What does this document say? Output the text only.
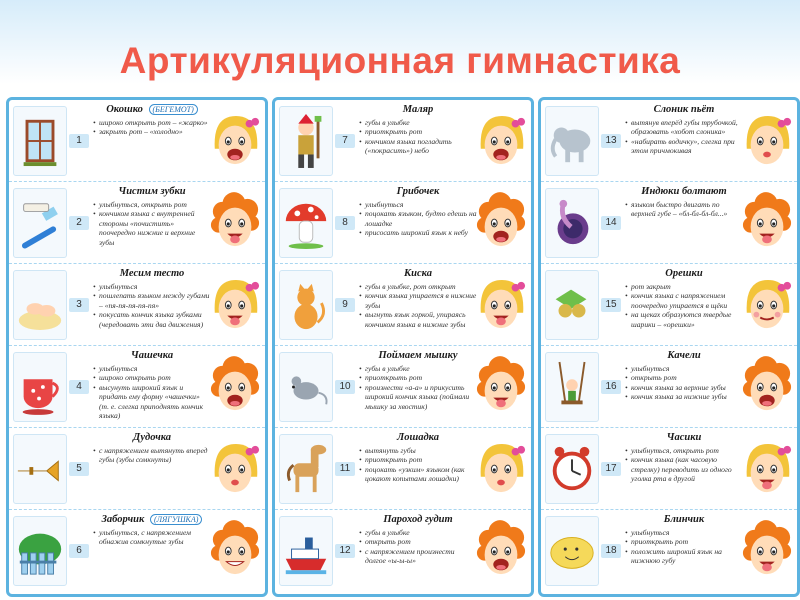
Артикуляционная гимнастика
1
Окошко (БЕГЕМОТ)
• широко открыть рот – «жарко»
• закрыть рот – «холодно»
2
Чистим зубки
• улыбнуться, открыть рот
• кончиком языка с внутренней стороны «почистить» поочередно нижние и верхние зубы
3
Месим тесто
• улыбнуться
• пошлепать языком между губами – «пя-пя-пя-пя-пя»
• покусать кончик языка зубками (чередовать эти два движения)
4
Чашечка
• улыбнуться
• широко открыть рот
• высунуть широкий язык и придать ему форму «чашечки» (т. е. слегка приподнять кончик языка)
5
Дудочка
• с напряжением вытянуть вперед губы (зубы сомкнуты)
6
Заборчик (ЛЯГУШКА)
• улыбнуться, с напряжением обнажив сомкнутые зубы
7
Маляр
• губы в улыбке
• приоткрыть рот
• кончиком языка погладить («покрасить») небо
8
Грибочек
• улыбнуться
• поцокать языком, будто едешь на лошадке
• присосать широкий язык к небу
9
Киска
• губы в улыбке, рот открыт
• кончик языка упирается в нижние зубы
• выгнуть язык горкой, упираясь кончиком языка в нижние зубы
10
Поймаем мышку
• губы в улыбке
• приоткрыть рот
• произнести «а-а» и прикусить широкий кончик языка (поймали мышку за хвостик)
11
Лошадка
• вытянуть губы
• приоткрыть рот
• поцокать «узким» языком (как цокают копытами лошадки)
12
Пароход гудит
• губы в улыбке
• открыть рот
• с напряжением произнести долгое «ы-ы-ы»
13
Слоник пьёт
• вытянув вперёд губы трубочкой, образовать «хобот слоника»
• «набирать водичку», слегка при этом причмокивая
14
Индюки болтают
• языком быстро двигать по верхней губе – «бл-бл-бл-бл...»
15
Орешки
• рот закрыт
• кончик языка с напряжением поочередно упирается в щёки
• на щеках образуются твердые шарики – «орешки»
16
Качели
• улыбнуться
• открыть рот
• кончик языка за верхние зубы
• кончик языка за нижние зубы
17
Часики
• улыбнуться, открыть рот
• кончик языка (как часовую стрелку) переводить из одного уголка рта в другой
18
Блинчик
• улыбнуться
• приоткрыть рот
• положить широкий язык на нижнюю губу
